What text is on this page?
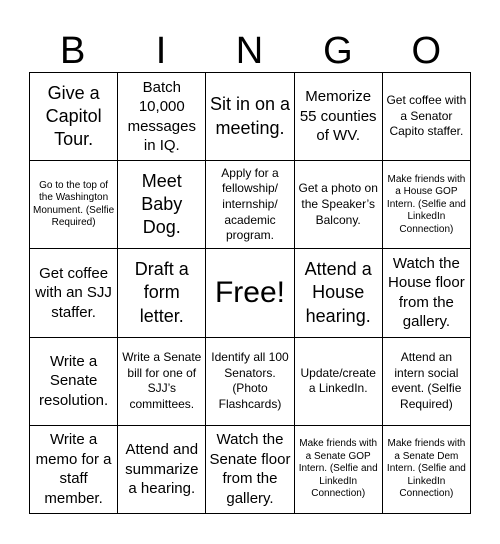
B	I	N	G	O
Give a Capitol Tour.
Batch 10,000 messages in IQ.
Sit in on a meeting.
Memorize 55 counties of WV.
Get coffee with a Senator Capito staffer.
Go to the top of the Washington Monument. (Selfie Required)
Meet Baby Dog.
Apply for a fellowship/ internship/ academic program.
Get a photo on the Speaker’s Balcony.
Make friends with a House GOP Intern. (Selfie and LinkedIn Connection)
Get coffee with an SJJ staffer.
Draft a form letter.
Free!
Attend a House hearing.
Watch the House floor from the gallery.
Write a Senate resolution.
Write a Senate bill for one of SJJ’s committees.
Identify all 100 Senators. (Photo Flashcards)
Update/create a LinkedIn.
Attend an intern social event. (Selfie Required)
Write a memo for a staff member.
Attend and summarize a hearing.
Watch the Senate floor from the gallery.
Make friends with a Senate GOP Intern. (Selfie and LinkedIn Connection)
Make friends with a Senate Dem Intern. (Selfie and LinkedIn Connection)
